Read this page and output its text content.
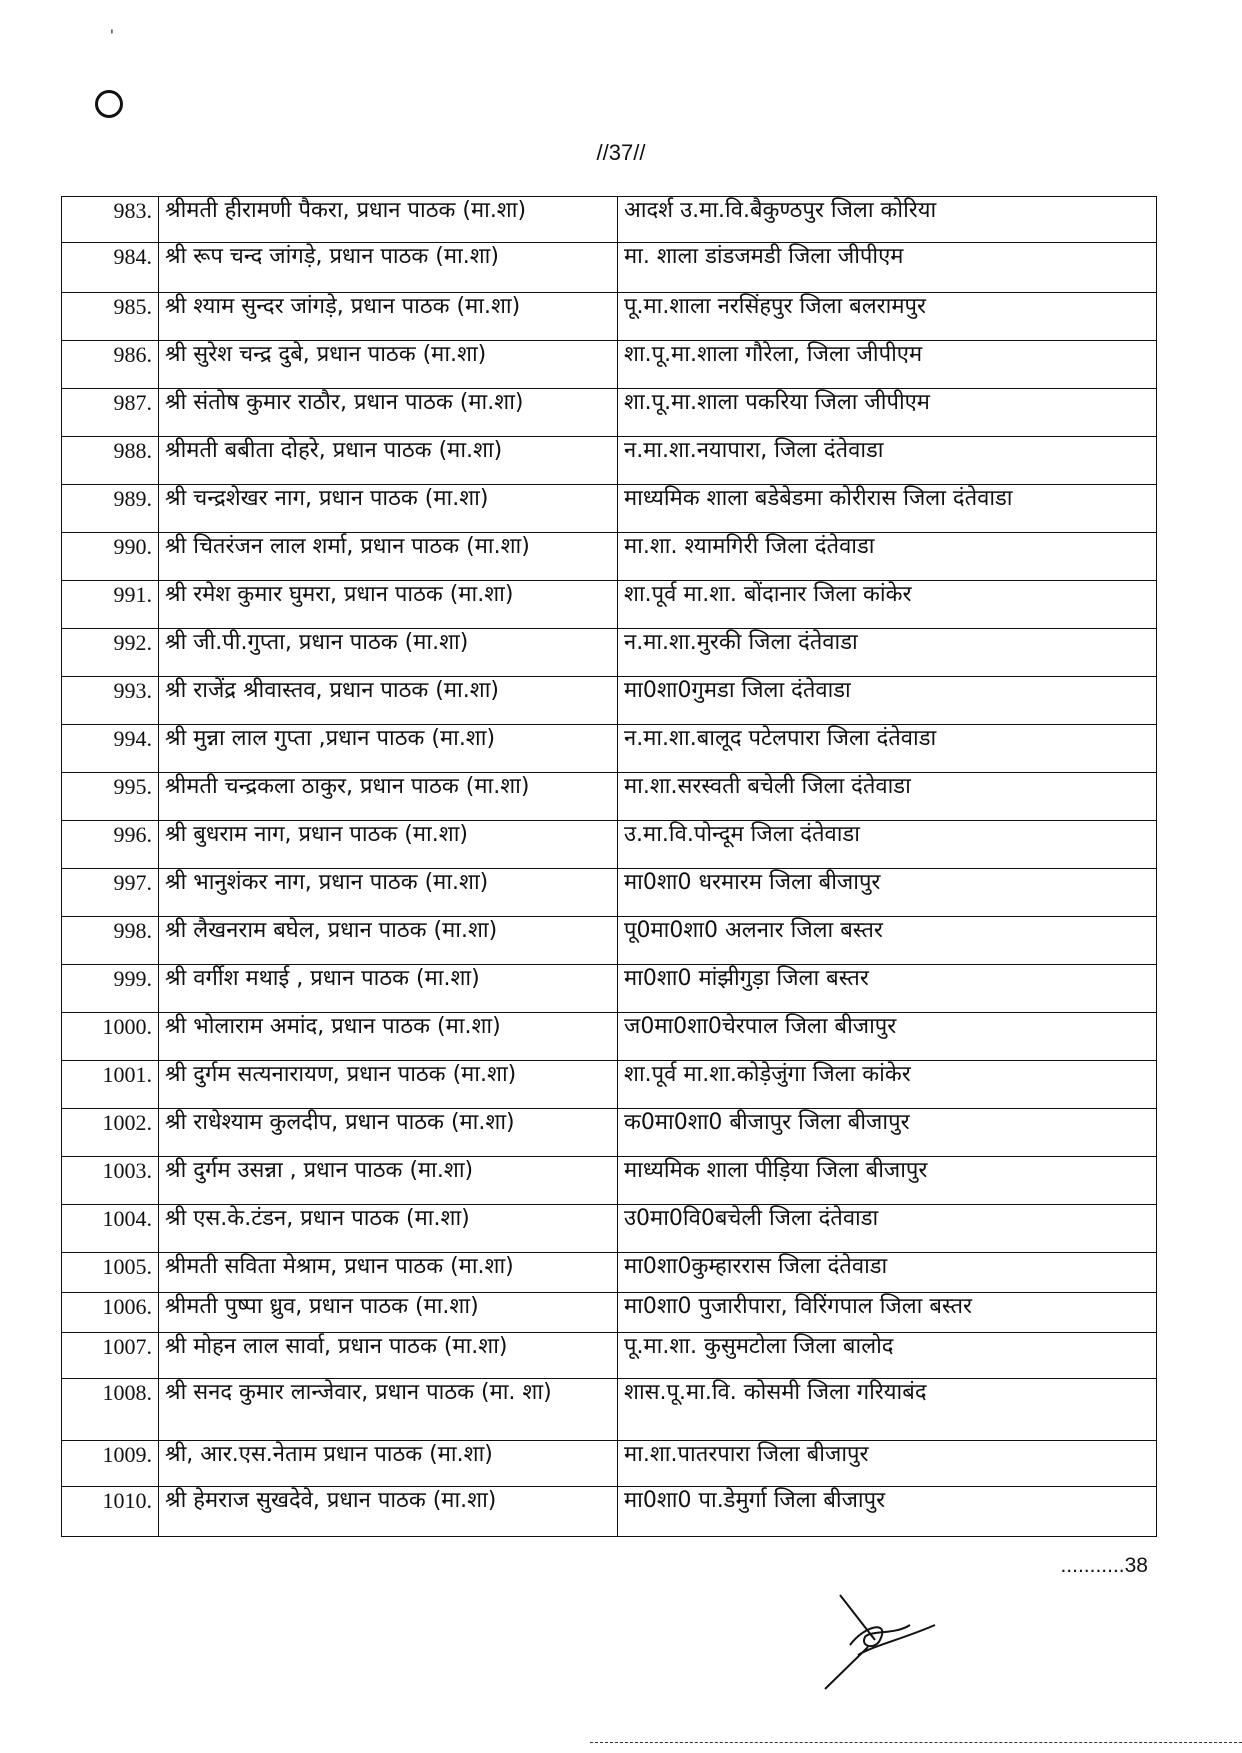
'
//37//
983.	श्रीमती हीरामणी पैकरा, प्रधान पाठक (मा.शा)	आदर्श उ.मा.वि.बैकुण्ठपुर जिला कोरिया
984.	श्री रूप चन्द जांगड़े, प्रधान पाठक (मा.शा)	मा. शाला डांडजमडी जिला जीपीएम
985.	श्री श्याम सुन्दर जांगड़े, प्रधान पाठक (मा.शा)	पू.मा.शाला नरसिंहपुर जिला बलरामपुर
986.	श्री सुरेश चन्द्र दुबे, प्रधान पाठक (मा.शा)	शा.पू.मा.शाला गौरेला, जिला जीपीएम
987.	श्री संतोष कुमार राठौर, प्रधान पाठक (मा.शा)	शा.पू.मा.शाला पकरिया जिला जीपीएम
988.	श्रीमती बबीता दोहरे, प्रधान पाठक (मा.शा)	न.मा.शा.नयापारा, जिला दंतेवाडा
989.	श्री चन्द्रशेखर नाग, प्रधान पाठक (मा.शा)	माध्यमिक शाला बडेबेडमा कोरीरास जिला दंतेवाडा
990.	श्री चितरंजन लाल शर्मा, प्रधान पाठक (मा.शा)	मा.शा. श्यामगिरी जिला दंतेवाडा
991.	श्री रमेश कुमार घुमरा, प्रधान पाठक (मा.शा)	शा.पूर्व मा.शा. बोंदानार जिला कांकेर
992.	श्री जी.पी.गुप्ता, प्रधान पाठक (मा.शा)	न.मा.शा.मुरकी जिला दंतेवाडा
993.	श्री राजेंद्र श्रीवास्तव, प्रधान पाठक (मा.शा)	मा0शा0गुमडा जिला दंतेवाडा
994.	श्री मुन्ना लाल गुप्ता ,प्रधान पाठक (मा.शा)	न.मा.शा.बालूद पटेलपारा जिला दंतेवाडा
995.	श्रीमती चन्द्रकला ठाकुर, प्रधान पाठक (मा.शा)	मा.शा.सरस्वती बचेली जिला दंतेवाडा
996.	श्री बुधराम नाग, प्रधान पाठक (मा.शा)	उ.मा.वि.पोन्दूम जिला दंतेवाडा
997.	श्री भानुशंकर नाग, प्रधान पाठक (मा.शा)	मा0शा0 धरमारम जिला बीजापुर
998.	श्री लैखनराम बघेल, प्रधान पाठक (मा.शा)	पू0मा0शा0 अलनार जिला बस्तर
999.	श्री वर्गीश मथाई , प्रधान पाठक (मा.शा)	मा0शा0 मांझीगुड़ा जिला बस्तर
1000.	श्री भोलाराम अमांद, प्रधान पाठक (मा.शा)	ज0मा0शा0चेरपाल जिला बीजापुर
1001.	श्री दुर्गम सत्यनारायण, प्रधान पाठक (मा.शा)	शा.पूर्व मा.शा.कोड़ेजुंगा जिला कांकेर
1002.	श्री राधेश्याम कुलदीप, प्रधान पाठक (मा.शा)	क0मा0शा0 बीजापुर जिला बीजापुर
1003.	श्री दुर्गम उसन्ना , प्रधान पाठक (मा.शा)	माध्यमिक शाला पीड़िया जिला बीजापुर
1004.	श्री एस.के.टंडन, प्रधान पाठक (मा.शा)	उ0मा0वि0बचेली जिला दंतेवाडा
1005.	श्रीमती सविता मेश्राम, प्रधान पाठक (मा.शा)	मा0शा0कुम्हाररास जिला दंतेवाडा
1006.	श्रीमती पुष्पा ध्रुव, प्रधान पाठक (मा.शा)	मा0शा0 पुजारीपारा, विरिंगपाल जिला बस्तर
1007.	श्री मोहन लाल सार्वा, प्रधान पाठक (मा.शा)	पू.मा.शा. कुसुमटोला जिला बालोद
1008.	श्री सनद कुमार लान्जेवार, प्रधान पाठक (मा. शा)	शास.पू.मा.वि. कोसमी जिला गरियाबंद
1009.	श्री, आर.एस.नेताम प्रधान पाठक (मा.शा)	मा.शा.पातरपारा जिला बीजापुर
1010.	श्री हेमराज सुखदेवे, प्रधान पाठक (मा.शा)	मा0शा0 पा.डेमुर्गा जिला बीजापुर
...........38
